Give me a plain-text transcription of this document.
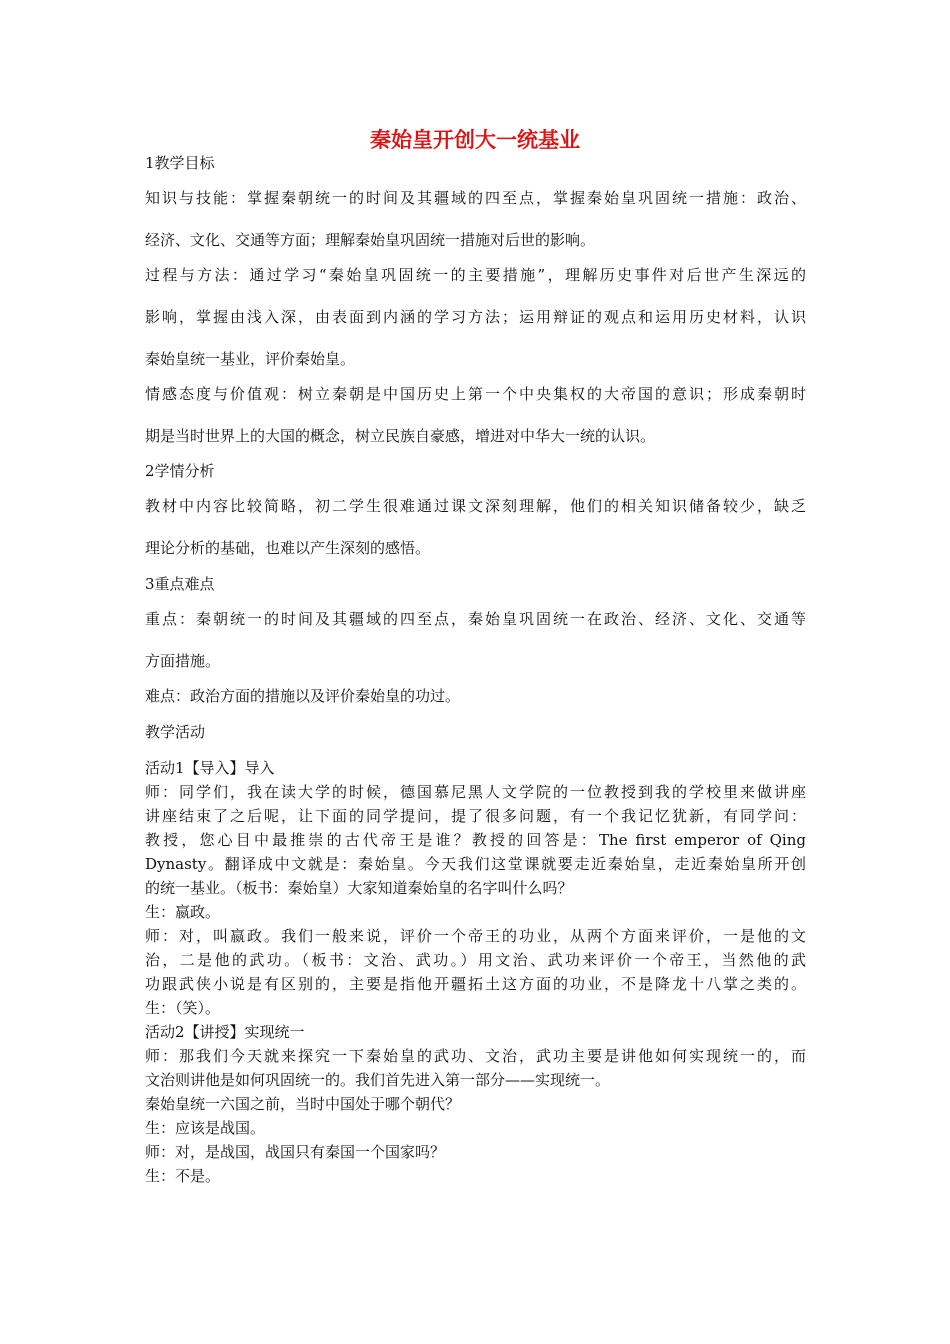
秦始皇开创大一统基业
1教学目标
知识与技能：掌握秦朝统一的时间及其疆域的四至点，掌握秦始皇巩固统一措施：政治、
经济、文化、交通等方面；理解秦始皇巩固统一措施对后世的影响。
过程与方法：通过学习“秦始皇巩固统一的主要措施”，理解历史事件对后世产生深远的
影响，掌握由浅入深，由表面到内涵的学习方法；运用辩证的观点和运用历史材料，认识
秦始皇统一基业，评价秦始皇。
情感态度与价值观：树立秦朝是中国历史上第一个中央集权的大帝国的意识；形成秦朝时
期是当时世界上的大国的概念，树立民族自豪感，增进对中华大一统的认识。
2学情分析
教材中内容比较简略，初二学生很难通过课文深刻理解，他们的相关知识储备较少，缺乏
理论分析的基础，也难以产生深刻的感悟。
3重点难点
重点：秦朝统一的时间及其疆域的四至点，秦始皇巩固统一在政治、经济、文化、交通等
方面措施。
难点：政治方面的措施以及评价秦始皇的功过。
教学活动
活动1【导入】导入
师：同学们，我在读大学的时候，德国慕尼黑人文学院的一位教授到我的学校里来做讲座
讲座结束了之后呢，让下面的同学提问，提了很多问题，有一个我记忆犹新，有同学问：
教授，您心目中最推崇的古代帝王是谁？教授的回答是：The first emperor of Qing
Dynasty。翻译成中文就是：秦始皇。今天我们这堂课就要走近秦始皇，走近秦始皇所开创
的统一基业。（板书：秦始皇）大家知道秦始皇的名字叫什么吗？
生：嬴政。
师：对，叫嬴政。我们一般来说，评价一个帝王的功业，从两个方面来评价，一是他的文
治，二是他的武功。（板书：文治、武功。）用文治、武功来评价一个帝王，当然他的武
功跟武侠小说是有区别的，主要是指他开疆拓土这方面的功业，不是降龙十八掌之类的。
生：（笑）。
活动2【讲授】实现统一
师：那我们今天就来探究一下秦始皇的武功、文治，武功主要是讲他如何实现统一的，而
文治则讲他是如何巩固统一的。我们首先进入第一部分——实现统一。
秦始皇统一六国之前，当时中国处于哪个朝代？
生：应该是战国。
师：对，是战国，战国只有秦国一个国家吗？
生：不是。
